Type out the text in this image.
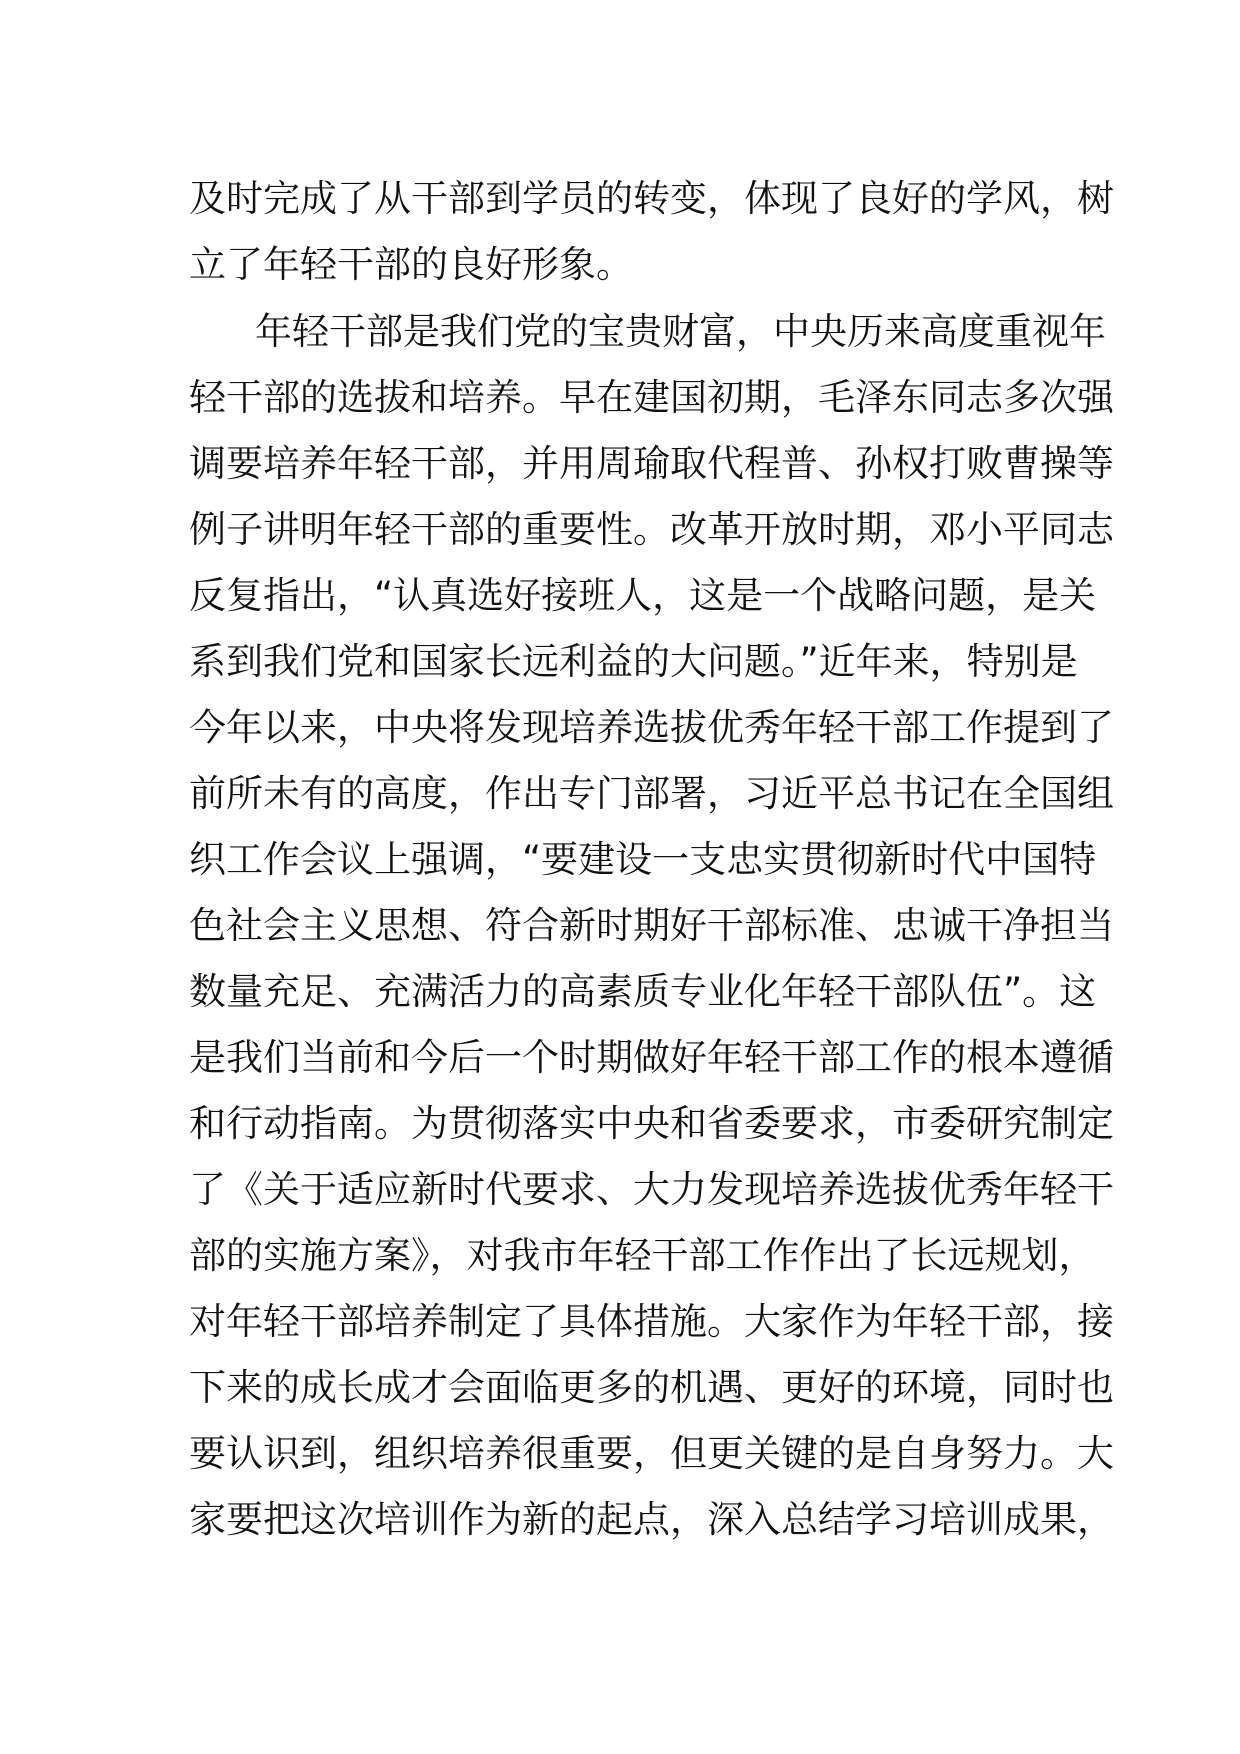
及时完成了从干部到学员的转变，体现了良好的学风，树
立了年轻干部的良好形象。
年轻干部是我们党的宝贵财富，中央历来高度重视年
轻干部的选拔和培养。早在建国初期，毛泽东同志多次强
调要培养年轻干部，并用周瑜取代程普、孙权打败曹操等
例子讲明年轻干部的重要性。改革开放时期，邓小平同志
反复指出，“认真选好接班人，这是一个战略问题，是关
系到我们党和国家长远利益的大问题。”近年来，特别是
今年以来，中央将发现培养选拔优秀年轻干部工作提到了
前所未有的高度，作出专门部署，习近平总书记在全国组
织工作会议上强调，“要建设一支忠实贯彻新时代中国特
色社会主义思想、符合新时期好干部标准、忠诚干净担当
数量充足、充满活力的高素质专业化年轻干部队伍”。这
是我们当前和今后一个时期做好年轻干部工作的根本遵循
和行动指南。为贯彻落实中央和省委要求，市委研究制定
了《关于适应新时代要求、大力发现培养选拔优秀年轻干
部的实施方案》，对我市年轻干部工作作出了长远规划，
对年轻干部培养制定了具体措施。大家作为年轻干部，接
下来的成长成才会面临更多的机遇、更好的环境，同时也
要认识到，组织培养很重要，但更关键的是自身努力。大
家要把这次培训作为新的起点，深入总结学习培训成果，
